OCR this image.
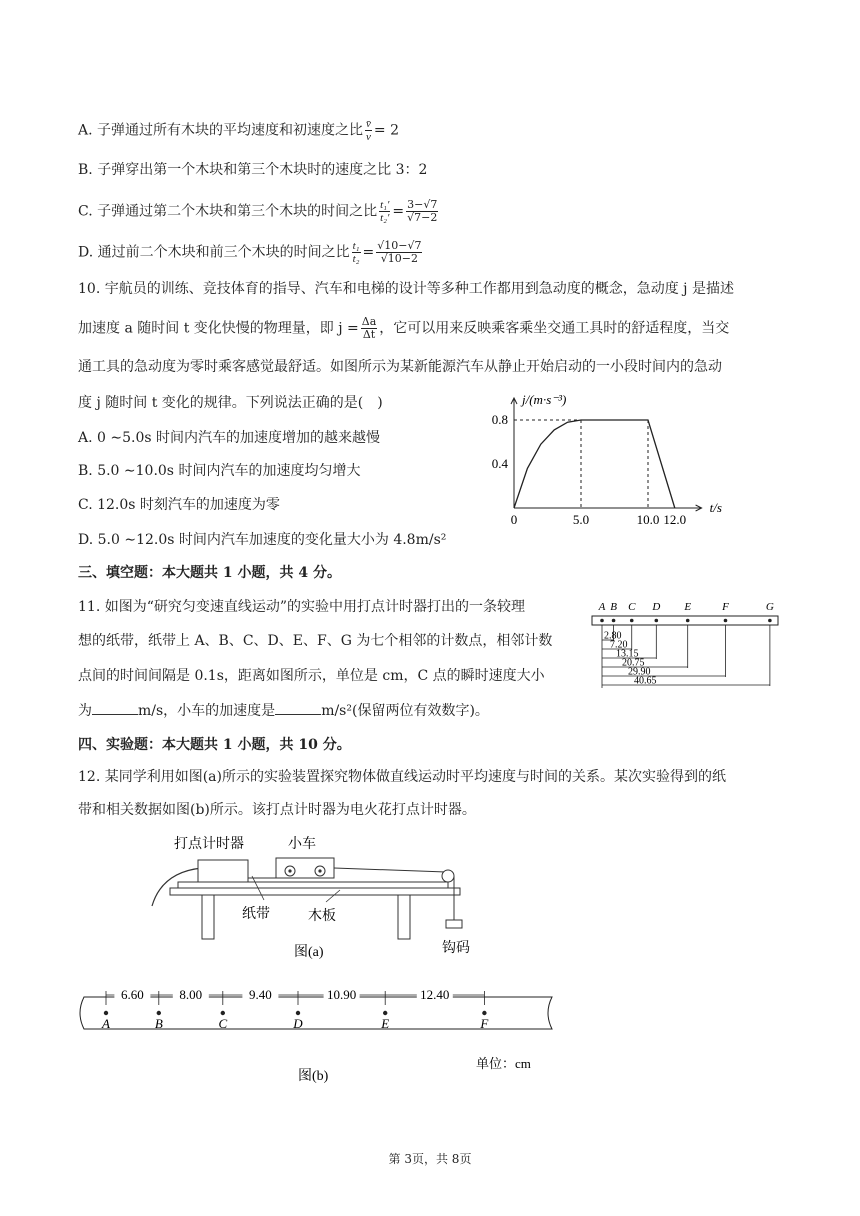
A. 子弹通过所有木块的平均速度和初速度之比 $\frac{v̄}{v} = 2$
B. 子弹穿出第一个木块和第三个木块时的速度之比 3：2
C. 子弹通过第二个木块和第三个木块的时间之比 $\frac{\text{t₁′}}{\text{t₂′}} = \frac{3-√7}{√7-2}$
D. 通过前二个木块和前三个木块的时间之比 $\frac{\text{t₁}}{\text{t₂}} = \frac{√10-√7}{√10-2}$
10. 宇航员的训练、竞技体育的指导、汽车和电梯的设计等多种工作都用到急动度的概念，急动度 j 是描述
加速度 a 随时间 t 变化快慢的物理量，即 $j = \frac{\Delta a}{\Delta t}$ ，它可以用来反映乘客乘坐交通工具时的舒适程度，当交
通工具的急动度为零时乘客感觉最舒适。如图所示为某新能源汽车从静止开始启动的一小段时间内的急动
度 j 随时间 t 变化的规律。下列说法正确的是(　)
A. 0 ∼5.0s 时间内汽车的加速度增加的越来越慢
B. 5.0 ∼10.0s 时间内汽车的加速度均匀增大
C. 12.0s 时刻汽车的加速度为零
D. 5.0 ∼12.0s 时间内汽车加速度的变化量大小为 4.8m/s²
0	5.0	10.0 12.0
0.4
0.8
j/(m·s⁻³)
t/s
三、填空题：本大题共 1 小题，共 4 分。
11. 如图为“研究匀变速直线运动”的实验中用打点计时器打出的一条较理
想的纸带，纸带上 A、B、C、D、E、F、G 为七个相邻的计数点，相邻计数
点间的时间间隔是 0.1s，距离如图所示，单位是 cm，C 点的瞬时速度大小
为	m/s，小车的加速度是	m/s²(保留两位有效数字)。
A B C D E	F	G
2.80
7.20
13.15
20.75
29.90
40.65
四、实验题：本大题共 1 小题，共 10 分。
12. 某同学利用如图(a)所示的实验装置探究物体做直线运动时平均速度与时间的关系。某次实验得到的纸
带和相关数据如图(b)所示。该打点计时器为电火花打点计时器。
打点计时器	小车
纸带	木板
钩码
图(a)
A	B	C	D	E	F
6.60	8.00	9.40	10.90	12.40
单位：cm
图(b)
第 3页，共 8页
